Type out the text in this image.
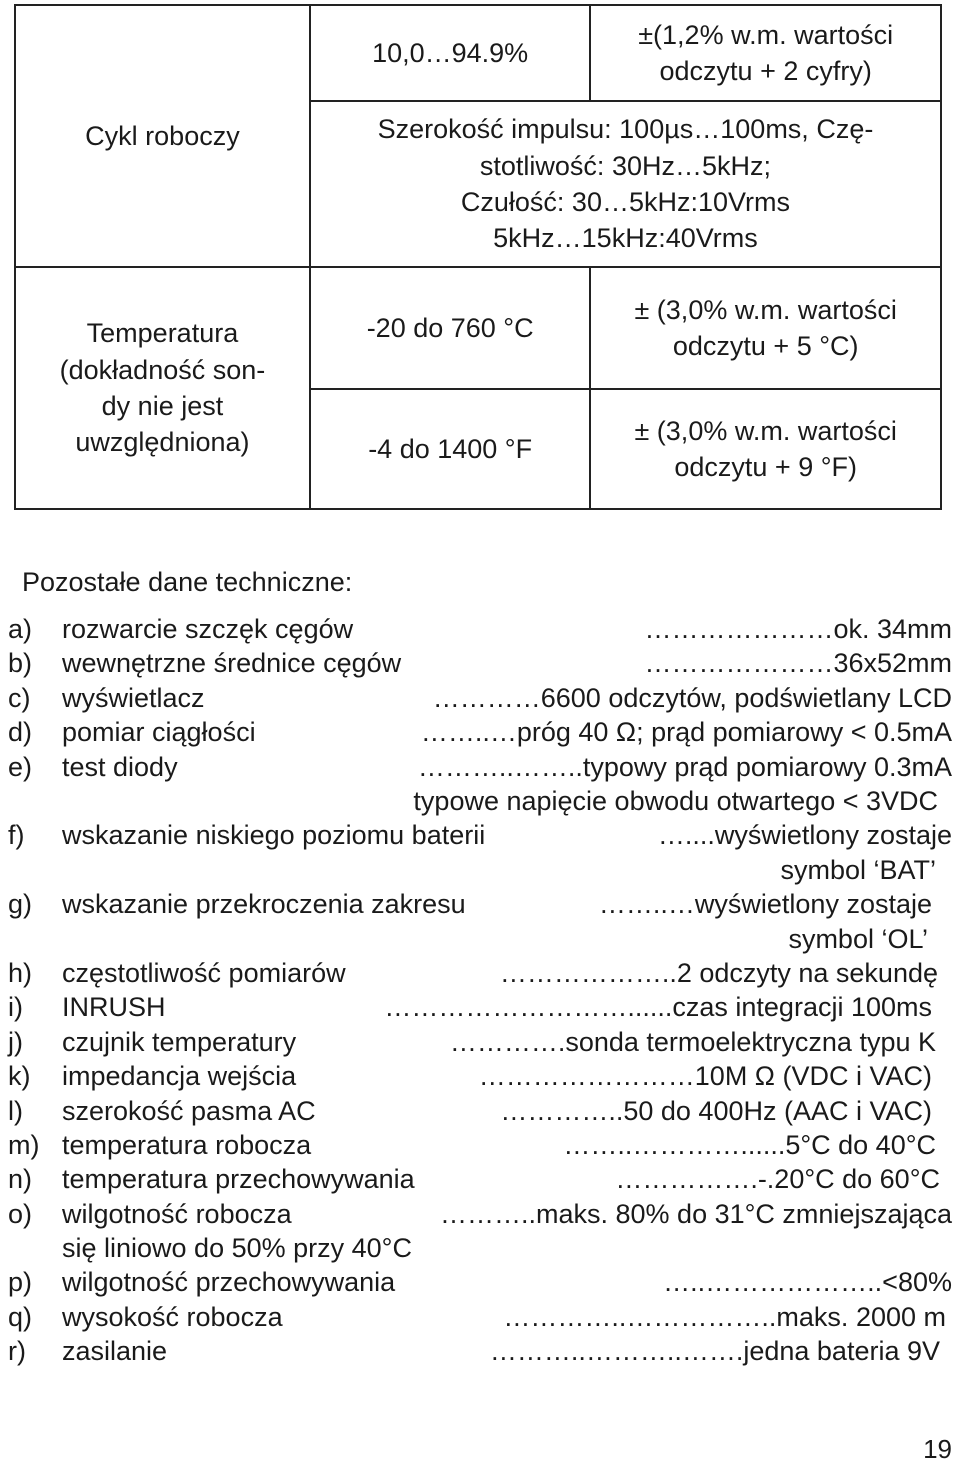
Cykl roboczy	10,0…94.9%	±(1,2% w.m. wartości
odczytu + 2 cyfry)
	Szerokość impulsu: 100µs…100ms, Czę-
stotliwość: 30Hz…5kHz;
Czułość: 30…5kHz:10Vrms
5kHz…15kHz:40Vrms	
Temperatura
(dokładność son-
dy nie jest
uwzględniona)	-20 do 760 °C	± (3,0% w.m. wartości
odczytu + 5 °C)
	-4 do 1400 °F	± (3,0% w.m. wartości
odczytu + 9 °F)
Pozostałe dane techniczne:
a) rozwarcie szczęk cęgów	…………………ok. 34mm
b) wewnętrzne średnice cęgów	…………………36x52mm
c) wyświetlacz	…………6600 odczytów, podświetlany LCD
d) pomiar ciągłości	……..…próg 40 Ω; prąd pomiarowy < 0.5mA
e) test diody	………..……..typowy prąd pomiarowy 0.3mA
typowe napięcie obwodu otwartego < 3VDC
f) wskazanie niskiego poziomu baterii	…....wyświetlony zostaje
symbol ‘BAT’
g) wskazanie przekroczenia zakresu	……..…wyświetlony zostaje
symbol ‘OL’
h) częstotliwość pomiarów	………………..2 odczyty na sekundę
i) INRUSH	………………………......czas integracji 100ms
j) czujnik temperatury	………….sonda termoelektryczna typu K
k) impedancja wejścia	……………………10M Ω (VDC i VAC)
l) szerokość pasma AC	…………..50 do 400Hz (AAC i VAC)
m) temperatura robocza	……..…………......5°C do 40°C
n) temperatura przechowywania	…………….-.20°C do 60°C
o) wilgotność robocza	………..maks. 80% do 31°C zmniejszająca
się liniowo do 50% przy 40°C
p) wilgotność przechowywania	…..………………..<80%
q) wysokość robocza	…………..……………..maks. 2000 m
r) zasilanie	………..………..…….jedna bateria 9V
19
